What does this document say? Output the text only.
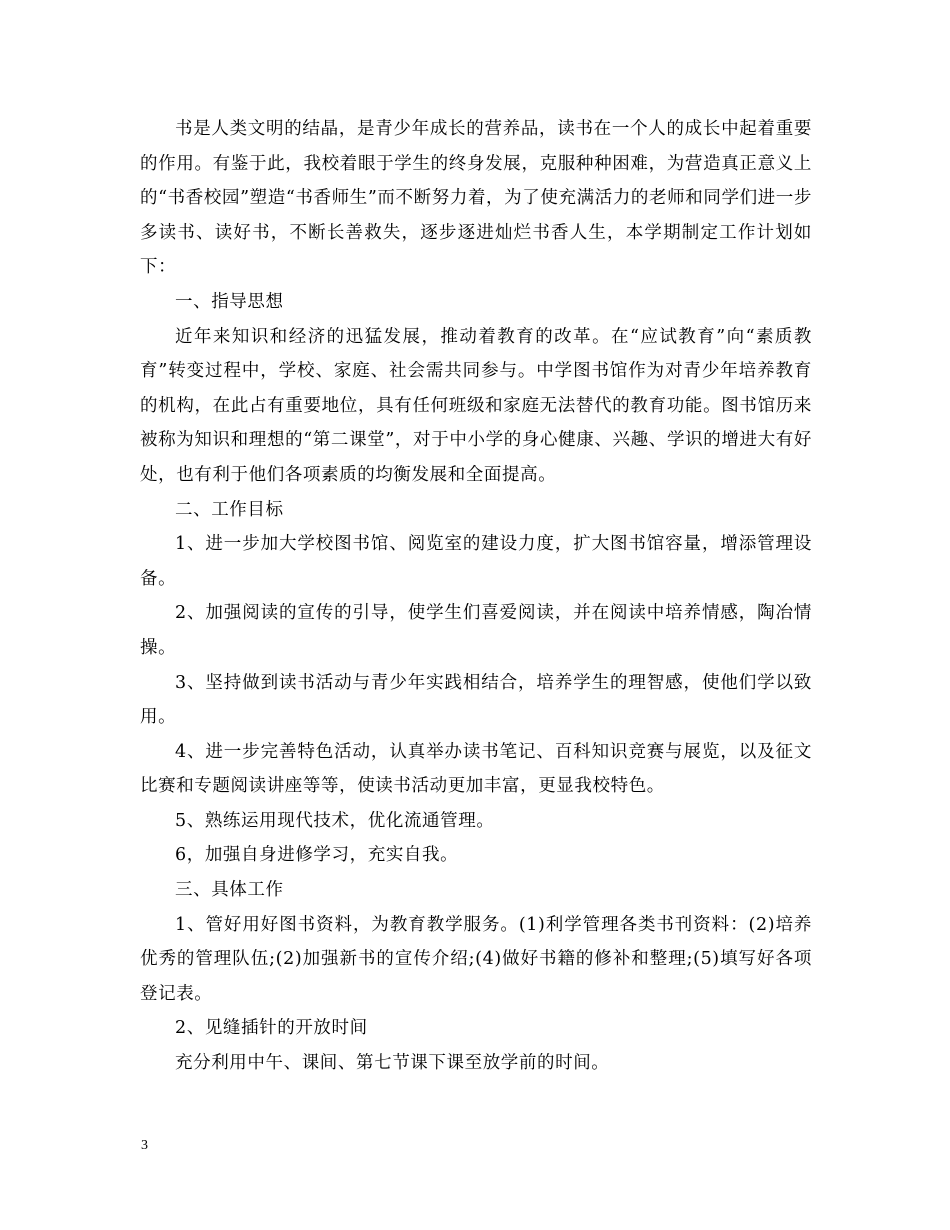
书是人类文明的结晶，是青少年成长的营养品，读书在一个人的成长中起着重要的作用。有鉴于此，我校着眼于学生的终身发展，克服种种困难，为营造真正意义上的“书香校园”塑造“书香师生”而不断努力着，为了使充满活力的老师和同学们进一步多读书、读好书，不断长善救失，逐步逐进灿烂书香人生，本学期制定工作计划如下：

一、指导思想

近年来知识和经济的迅猛发展，推动着教育的改革。在“应试教育”向“素质教育”转变过程中，学校、家庭、社会需共同参与。中学图书馆作为对青少年培养教育的机构，在此占有重要地位，具有任何班级和家庭无法替代的教育功能。图书馆历来被称为知识和理想的“第二课堂”，对于中小学的身心健康、兴趣、学识的增进大有好处，也有利于他们各项素质的均衡发展和全面提高。

二、工作目标

1、进一步加大学校图书馆、阅览室的建设力度，扩大图书馆容量，增添管理设备。

2、加强阅读的宣传的引导，使学生们喜爱阅读，并在阅读中培养情感，陶冶情操。

3、坚持做到读书活动与青少年实践相结合，培养学生的理智感，使他们学以致用。

4、进一步完善特色活动，认真举办读书笔记、百科知识竞赛与展览，以及征文比赛和专题阅读讲座等等，使读书活动更加丰富，更显我校特色。

5、熟练运用现代技术，优化流通管理。

6，加强自身进修学习，充实自我。

三、具体工作

1、管好用好图书资料，为教育教学服务。(1)利学管理各类书刊资料：(2)培养优秀的管理队伍;(2)加强新书的宣传介绍;(4)做好书籍的修补和整理;(5)填写好各项登记表。

2、见缝插针的开放时间

充分利用中午、课间、第七节课下课至放学前的时间。

3
